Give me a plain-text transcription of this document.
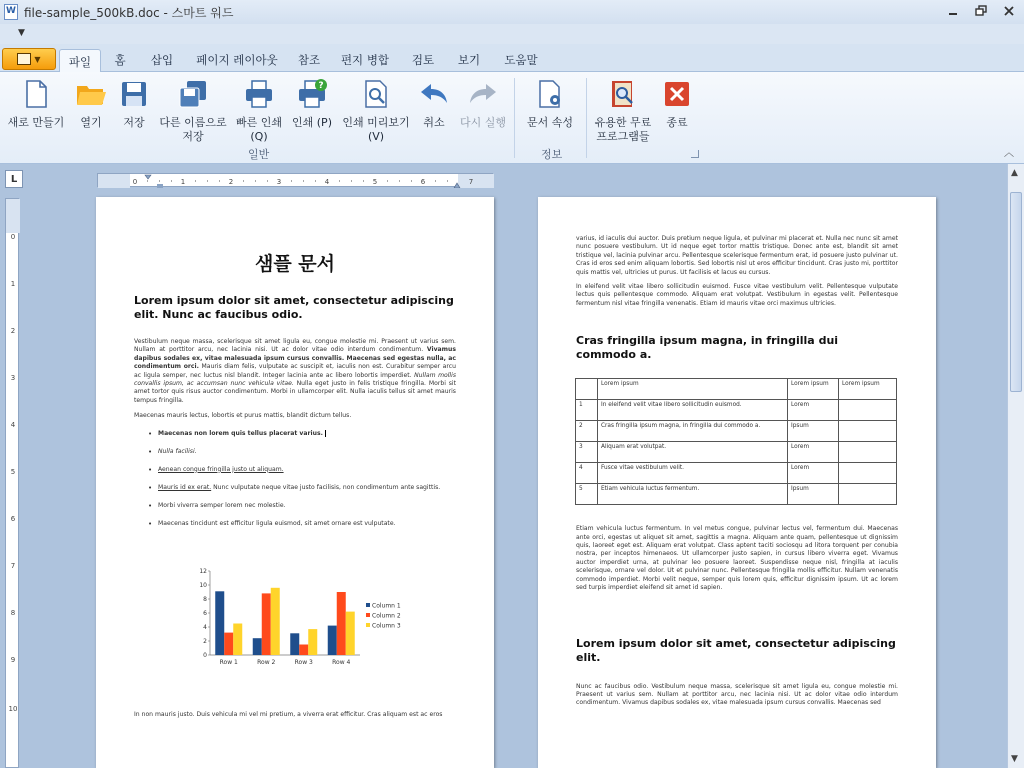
W
file-sample_500kB.doc - 스마트 워드
▼
▼	파일	홈	삽입	페이지 레이아웃	참조	편지 병합	검토	보기	도움말
새로 만들기	열기	저장	다른 이름으로
저장
빠른 인쇄
(Q)
?
인쇄 (P) 인쇄 미리보기
(V)
취소	다시 실행
일반
문서 속성
정보
유용한 무료
프로그램들
종료
︿
L	0	1	2	3	4	5	6	7
0
1
2
3
4
5
6
7
8
9
10
샘플 문서
Lorem ipsum dolor sit amet, consectetur adipiscing elit. Nunc ac faucibus odio.
Vestibulum neque massa, scelerisque sit amet ligula eu, congue molestie mi. Praesent ut varius sem. Nullam at porttitor arcu, nec lacinia nisi. Ut ac dolor vitae odio interdum condimentum. Vivamus dapibus sodales ex, vitae malesuada ipsum cursus convallis. Maecenas sed egestas nulla, ac condimentum orci. Mauris diam felis, vulputate ac suscipit et, iaculis non est. Curabitur semper arcu ac ligula semper, nec luctus nisl blandit. Integer lacinia ante ac libero lobortis imperdiet. Nullam mollis convallis ipsum, ac accumsan nunc vehicula vitae. Nulla eget justo in felis tristique fringilla. Morbi sit amet tortor quis risus auctor condimentum. Morbi in ullamcorper elit. Nulla iaculis tellus sit amet mauris tempus fringilla.
Maecenas mauris lectus, lobortis et purus mattis, blandit dictum tellus.
• Maecenas non lorem quis tellus placerat varius.
• Nulla facilisi.
• Aenean congue fringilla justo ut aliquam.
• Mauris id ex erat. Nunc vulputate neque vitae justo facilisis, non condimentum ante sagittis.
• Morbi viverra semper lorem nec molestie.
• Maecenas tincidunt est efficitur ligula euismod, sit amet ornare est vulputate.
0
2
4
6
8
10
12
Row 1	Row 2	Row 3	Row 4
Column 1
Column 2
Column 3
In non mauris justo. Duis vehicula mi vel mi pretium, a viverra erat efficitur. Cras aliquam est ac eros
varius, id iaculis dui auctor. Duis pretium neque ligula, et pulvinar mi placerat et. Nulla nec nunc sit amet nunc posuere vestibulum. Ut id neque eget tortor mattis tristique. Donec ante est, blandit sit amet tristique vel, lacinia pulvinar arcu. Pellentesque scelerisque fermentum erat, id posuere justo pulvinar ut. Cras id eros sed enim aliquam lobortis. Sed lobortis nisl ut eros efficitur tincidunt. Cras justo mi, porttitor quis mattis vel, ultricies ut purus. Ut facilisis et lacus eu cursus.
In eleifend velit vitae libero sollicitudin euismod. Fusce vitae vestibulum velit. Pellentesque vulputate lectus quis pellentesque commodo. Aliquam erat volutpat. Vestibulum in egestas velit. Pellentesque fermentum nisl vitae fringilla venenatis. Etiam id mauris vitae orci maximus ultricies.
Cras fringilla ipsum magna, in fringilla dui commodo a.
	Lorem ipsum	Lorem ipsum	Lorem ipsum
1	In eleifend velit vitae libero sollicitudin euismod.	Lorem	
2	Cras fringilla ipsum magna, in fringilla dui commodo a.	Ipsum	
3	Aliquam erat volutpat.	Lorem	
4	Fusce vitae vestibulum velit.	Lorem	
5	Etiam vehicula luctus fermentum.	Ipsum	
Etiam vehicula luctus fermentum. In vel metus congue, pulvinar lectus vel, fermentum dui. Maecenas ante orci, egestas ut aliquet sit amet, sagittis a magna. Aliquam ante quam, pellentesque ut dignissim quis, laoreet eget est. Aliquam erat volutpat. Class aptent taciti sociosqu ad litora torquent per conubia nostra, per inceptos himenaeos. Ut ullamcorper justo sapien, in cursus libero viverra eget. Vivamus auctor imperdiet urna, at pulvinar leo posuere laoreet. Suspendisse neque nisl, fringilla at iaculis scelerisque, ornare vel dolor. Ut et pulvinar nunc. Pellentesque fringilla mollis efficitur. Nullam venenatis commodo imperdiet. Morbi velit neque, semper quis lorem quis, efficitur dignissim ipsum. Ut ac lorem sed turpis imperdiet eleifend sit amet id sapien.
Lorem ipsum dolor sit amet, consectetur adipiscing elit.
Nunc ac faucibus odio. Vestibulum neque massa, scelerisque sit amet ligula eu, congue molestie mi. Praesent ut varius sem. Nullam at porttitor arcu, nec lacinia nisi. Ut ac dolor vitae odio interdum condimentum. Vivamus dapibus sodales ex, vitae malesuada ipsum cursus convallis. Maecenas sed
▲
▼
